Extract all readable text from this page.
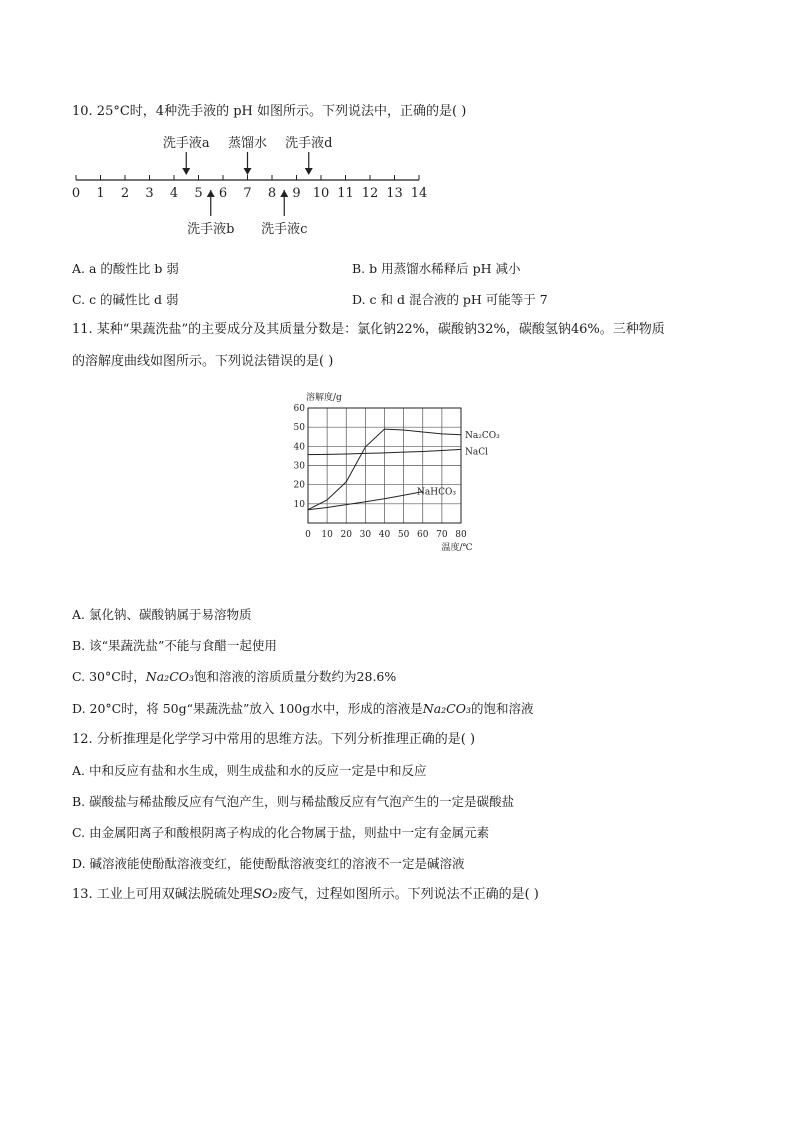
10. 25°C时，4种洗手液的 pH 如图所示。下列说法中，正确的是( )
0 1 2 3 4 5 6 7 8 9 10 11 12 13 14
洗手液a 蒸馏水 洗手液d
洗手液b 洗手液c
A. a 的酸性比 b 弱	B. b 用蒸馏水稀释后 pH 减小
C. c 的碱性比 d 弱	D. c 和 d 混合液的 pH 可能等于 7
11. 某种“果蔬洗盐”的主要成分及其质量分数是：氯化钠22%，碳酸钠32%，碳酸氢钠46%。三种物质
的溶解度曲线如图所示。下列说法错误的是( )
0 10 20 30 40 50 60 70 80
10
20
30
40
50
60
溶解度/g
温度/℃
Na₂CO₃
NaCl
NaHCO₃
A. 氯化钠、碳酸钠属于易溶物质
B. 该“果蔬洗盐”不能与食醋一起使用
C. 30°C时，Na₂CO₃饱和溶液的溶质质量分数约为28.6%
D. 20°C时，将 50g“果蔬洗盐”放入 100g水中，形成的溶液是Na₂CO₃的饱和溶液
12. 分析推理是化学学习中常用的思维方法。下列分析推理正确的是( )
A. 中和反应有盐和水生成，则生成盐和水的反应一定是中和反应
B. 碳酸盐与稀盐酸反应有气泡产生，则与稀盐酸反应有气泡产生的一定是碳酸盐
C. 由金属阳离子和酸根阴离子构成的化合物属于盐，则盐中一定有金属元素
D. 碱溶液能使酚酞溶液变红，能使酚酞溶液变红的溶液不一定是碱溶液
13. 工业上可用双碱法脱硫处理SO₂废气，过程如图所示。下列说法不正确的是( )
